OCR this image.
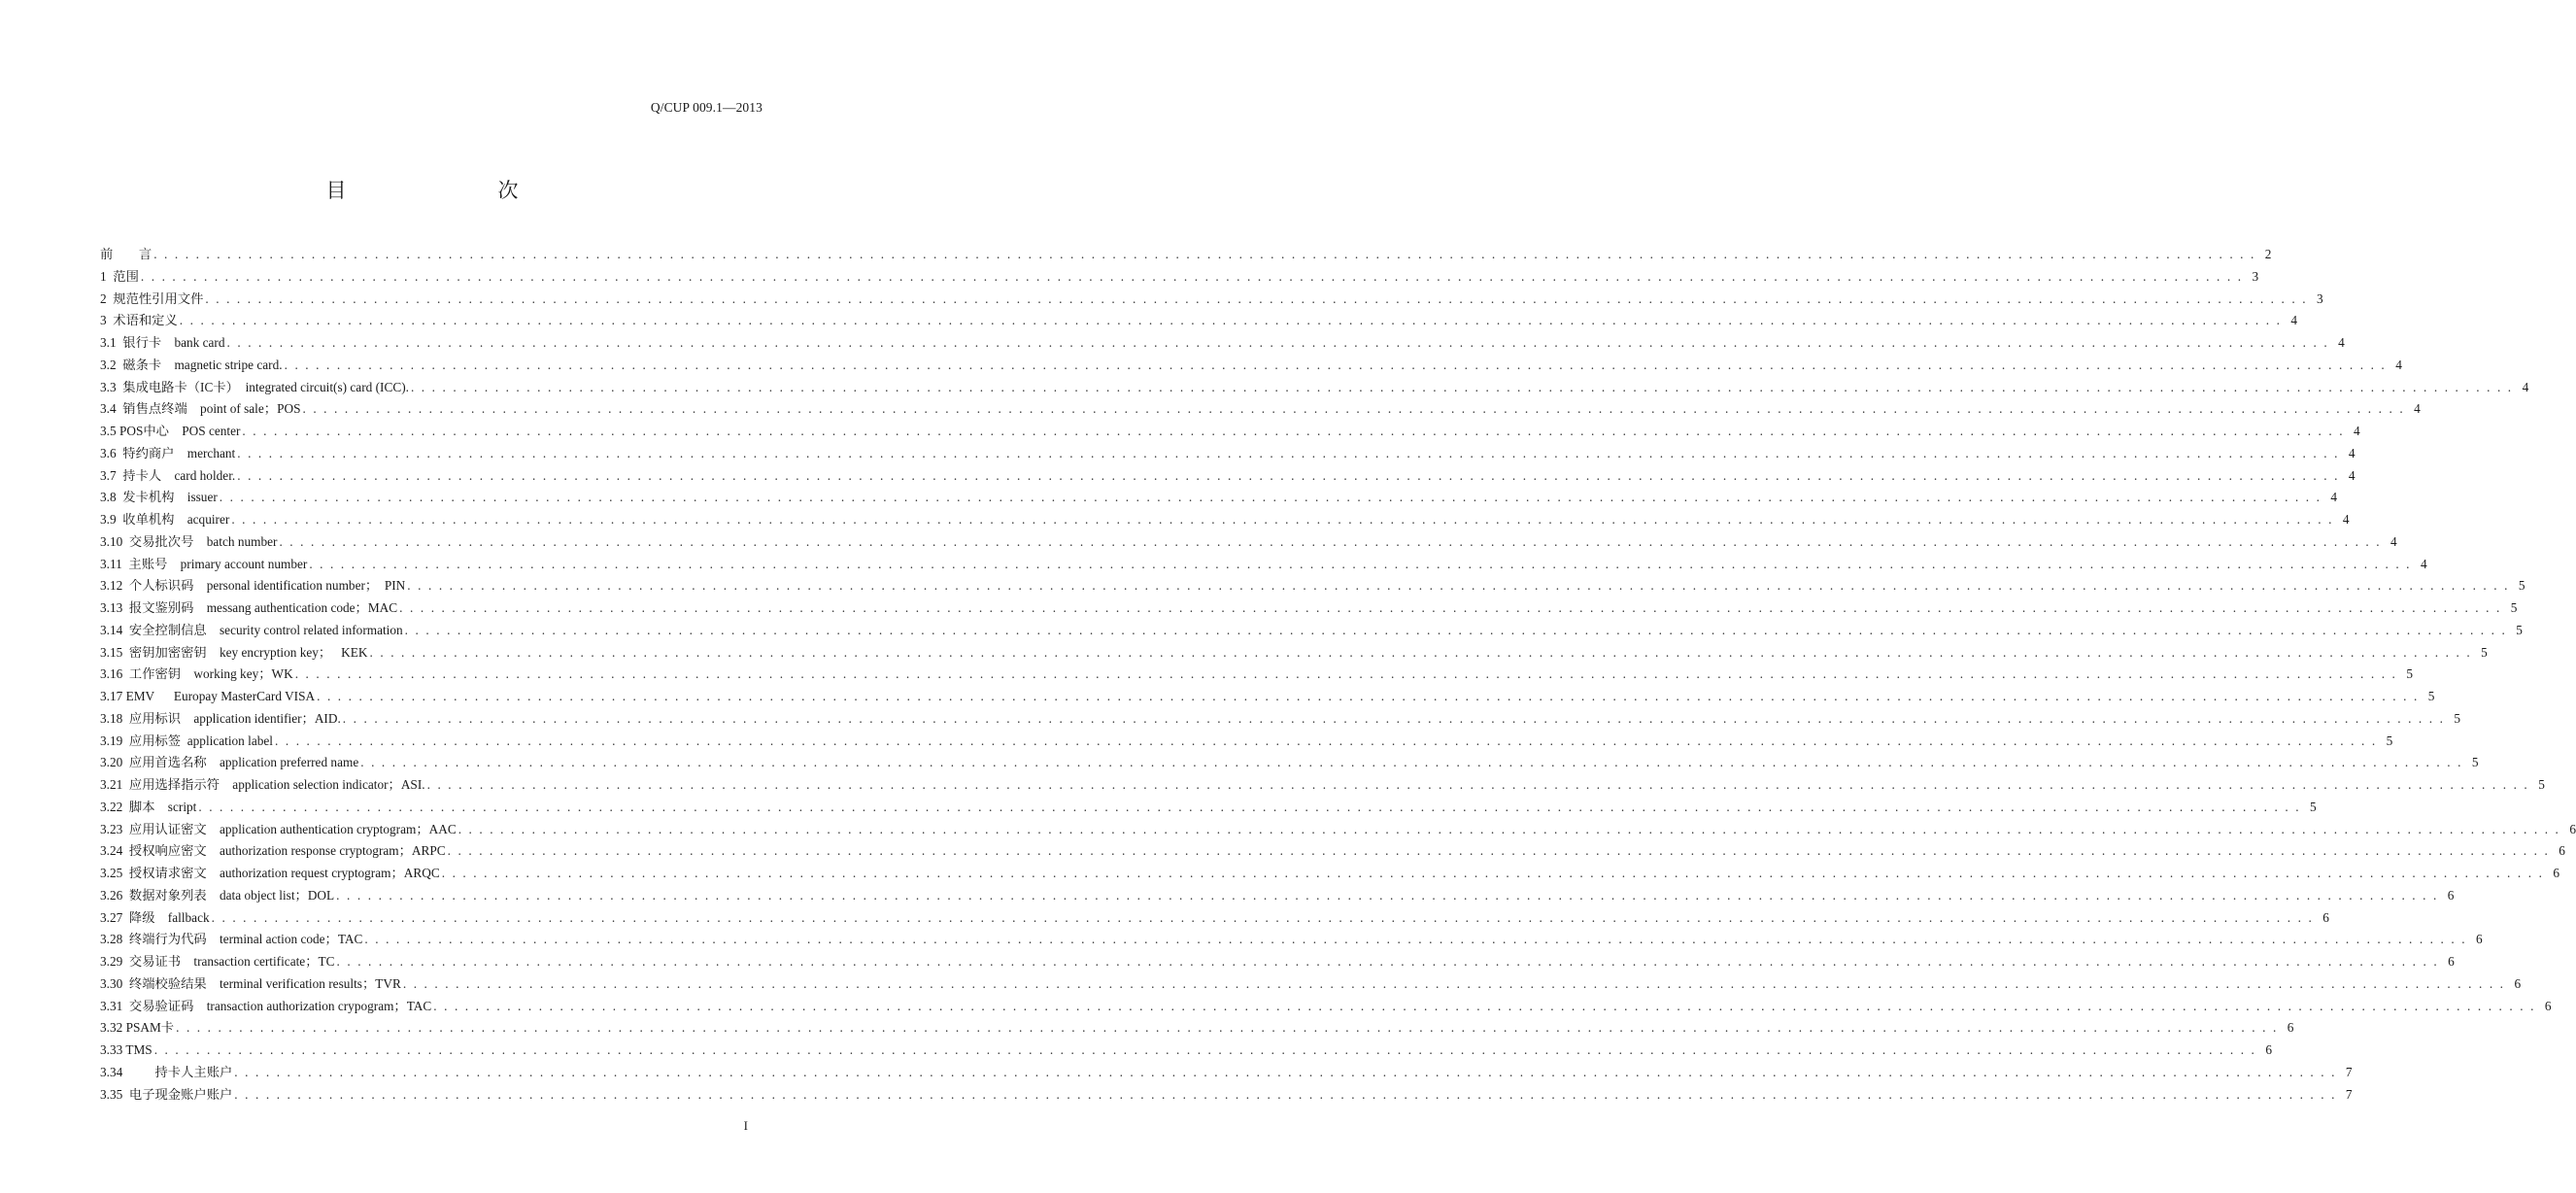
Q/CUP 009.1—2013
目　　次
前　　言 . . . . . . . . . . . . . . . . . . . . . . . . . . . . . . . . . . . . . . . . . . . . . . . . . . . . . . . . . . . . . . . . . . . . . . . . . . . . . . . . . . . . . . . . . . . . . . . . . . . . . . . . . . . . . . . . . . . . . . . . . . . . . . . . . . . . . . . . . . . . . . . . . . . . . . . . . . . . . . . . . . . . . . . . . . . . . . . . . . . . . . . . . . . . . . . . . . . . . . . . 2
1  范围 . . . . . . . . . . . . . . . . . . . . . . . . . . . . . . . . . . . . . . . . . . . . . . . . . . . . . . . . . . . . . . . . . . . . . . . . . . . . . . . . . . . . . . . . . . . . . . . . . . . . . . . . . . . . . . . . . . . . . . . . . . . . . . . . . . . . . . . . . . . . . . . . . . . . . . . . . . . . . . . . . . . . . . . . . . . . . . . . . . . . . . . . . . . . . . . . . . . . . . . . 3
2  规范性引用文件 . . . . . . . . . . . . . . . . . . . . . . . . . . . . . . . . . . . . . . . . . . . . . . . . . . . . . . . . . . . . . . . . . . . . . . . . . . . . . . . . . . . . . . . . . . . . . . . . . . . . . . . . . . . . . . . . . . . . . . . . . . . . . . . . . . . . . . . . . . . . . . . . . . . . . . . . . . . . . . . . . . . . . . . . . . . . . . . . . . . . . . . . . . . . . . . . . . . . . . . . 3
3  术语和定义 . . . . . . . . . . . . . . . . . . . . . . . . . . . . . . . . . . . . . . . . . . . . . . . . . . . . . . . . . . . . . . . . . . . . . . . . . . . . . . . . . . . . . . . . . . . . . . . . . . . . . . . . . . . . . . . . . . . . . . . . . . . . . . . . . . . . . . . . . . . . . . . . . . . . . . . . . . . . . . . . . . . . . . . . . . . . . . . . . . . . . . . . . . . . . . . . . . . . . . . . 4
3.1  银行卡    bank card . . . . . . . . . . . . . . . . . . . . . . . . . . . . . . . . . . . . . . . . . . . . . . . . . . . . . . . . . . . . . . . . . . . . . . . . . . . . . . . . . . . . . . . . . . . . . . . . . . . . . . . . . . . . . . . . . . . . . . . . . . . . . . . . . . . . . . . . . . . . . . . . . . . . . . . . . . . . . . . . . . . . . . . . . . . . . . . . . . . . . . . . . . . . . . . . . . . . . . . . 4
3.2  磁条卡    magnetic stripe card. . . . . . . . . . . . . . . . . . . . . . . . . . . . . . . . . . . . . . . . . . . . . . . . . . . . . . . . . . . . . . . . . . . . . . . . . . . . . . . . . . . . . . . . . . . . . . . . . . . . . . . . . . . . . . . . . . . . . . . . . . . . . . . . . . . . . . . . . . . . . . . . . . . . . . . . . . . . . . . . . . . . . . . . . . . . . . . . . . . . . . . . . . . . . . . . . . . . . . . . . 4
3.3  集成电路卡（IC卡）  integrated circuit(s) card (ICC). . . . . . . . . . . . . . . . . . . . . . . . . . . . . . . . . . . . . . . . . . . . . . . . . . . . . . . . . . . . . . . . . . . . . . . . . . . . . . . . . . . . . . . . . . . . . . . . . . . . . . . . . . . . . . . . . . . . . . . . . . . . . . . . . . . . . . . . . . . . . . . . . . . . . . . . . . . . . . . . . . . . . . . . . . . . . . . . . . . . . . . . . . . . . . . . . . . . . . . . . 4
3.4  销售点终端    point of sale；POS . . . . . . . . . . . . . . . . . . . . . . . . . . . . . . . . . . . . . . . . . . . . . . . . . . . . . . . . . . . . . . . . . . . . . . . . . . . . . . . . . . . . . . . . . . . . . . . . . . . . . . . . . . . . . . . . . . . . . . . . . . . . . . . . . . . . . . . . . . . . . . . . . . . . . . . . . . . . . . . . . . . . . . . . . . . . . . . . . . . . . . . . . . . . . . . . . . . . . . . . 4
3.5 POS中心    POS center . . . . . . . . . . . . . . . . . . . . . . . . . . . . . . . . . . . . . . . . . . . . . . . . . . . . . . . . . . . . . . . . . . . . . . . . . . . . . . . . . . . . . . . . . . . . . . . . . . . . . . . . . . . . . . . . . . . . . . . . . . . . . . . . . . . . . . . . . . . . . . . . . . . . . . . . . . . . . . . . . . . . . . . . . . . . . . . . . . . . . . . . . . . . . . . . . . . . . . . . 4
3.6  特约商户    merchant . . . . . . . . . . . . . . . . . . . . . . . . . . . . . . . . . . . . . . . . . . . . . . . . . . . . . . . . . . . . . . . . . . . . . . . . . . . . . . . . . . . . . . . . . . . . . . . . . . . . . . . . . . . . . . . . . . . . . . . . . . . . . . . . . . . . . . . . . . . . . . . . . . . . . . . . . . . . . . . . . . . . . . . . . . . . . . . . . . . . . . . . . . . . . . . . . . . . . . . . 4
3.7  持卡人    card holder. . . . . . . . . . . . . . . . . . . . . . . . . . . . . . . . . . . . . . . . . . . . . . . . . . . . . . . . . . . . . . . . . . . . . . . . . . . . . . . . . . . . . . . . . . . . . . . . . . . . . . . . . . . . . . . . . . . . . . . . . . . . . . . . . . . . . . . . . . . . . . . . . . . . . . . . . . . . . . . . . . . . . . . . . . . . . . . . . . . . . . . . . . . . . . . . . . . . . . . . . 4
3.8  发卡机构    issuer . . . . . . . . . . . . . . . . . . . . . . . . . . . . . . . . . . . . . . . . . . . . . . . . . . . . . . . . . . . . . . . . . . . . . . . . . . . . . . . . . . . . . . . . . . . . . . . . . . . . . . . . . . . . . . . . . . . . . . . . . . . . . . . . . . . . . . . . . . . . . . . . . . . . . . . . . . . . . . . . . . . . . . . . . . . . . . . . . . . . . . . . . . . . . . . . . . . . . . . . 4
3.9  收单机构    acquirer . . . . . . . . . . . . . . . . . . . . . . . . . . . . . . . . . . . . . . . . . . . . . . . . . . . . . . . . . . . . . . . . . . . . . . . . . . . . . . . . . . . . . . . . . . . . . . . . . . . . . . . . . . . . . . . . . . . . . . . . . . . . . . . . . . . . . . . . . . . . . . . . . . . . . . . . . . . . . . . . . . . . . . . . . . . . . . . . . . . . . . . . . . . . . . . . . . . . . . . . 4
3.10  交易批次号    batch number . . . . . . . . . . . . . . . . . . . . . . . . . . . . . . . . . . . . . . . . . . . . . . . . . . . . . . . . . . . . . . . . . . . . . . . . . . . . . . . . . . . . . . . . . . . . . . . . . . . . . . . . . . . . . . . . . . . . . . . . . . . . . . . . . . . . . . . . . . . . . . . . . . . . . . . . . . . . . . . . . . . . . . . . . . . . . . . . . . . . . . . . . . . . . . . . . . . . . . . . 4
3.11  主账号    primary account number . . . . . . . . . . . . . . . . . . . . . . . . . . . . . . . . . . . . . . . . . . . . . . . . . . . . . . . . . . . . . . . . . . . . . . . . . . . . . . . . . . . . . . . . . . . . . . . . . . . . . . . . . . . . . . . . . . . . . . . . . . . . . . . . . . . . . . . . . . . . . . . . . . . . . . . . . . . . . . . . . . . . . . . . . . . . . . . . . . . . . . . . . . . . . . . . . . . . . . . . 4
3.12  个人标识码    personal identification number；  PIN . . . . . . . . . . . . . . . . . . . . . . . . . . . . . . . . . . . . . . . . . . . . . . . . . . . . . . . . . . . . . . . . . . . . . . . . . . . . . . . . . . . . . . . . . . . . . . . . . . . . . . . . . . . . . . . . . . . . . . . . . . . . . . . . . . . . . . . . . . . . . . . . . . . . . . . . . . . . . . . . . . . . . . . . . . . . . . . . . . . . . . . . . . . . . . . . . . . . . . . . 5
3.13  报文鉴别码    messang authentication code；MAC . . . . . . . . . . . . . . . . . . . . . . . . . . . . . . . . . . . . . . . . . . . . . . . . . . . . . . . . . . . . . . . . . . . . . . . . . . . . . . . . . . . . . . . . . . . . . . . . . . . . . . . . . . . . . . . . . . . . . . . . . . . . . . . . . . . . . . . . . . . . . . . . . . . . . . . . . . . . . . . . . . . . . . . . . . . . . . . . . . . . . . . . . . . . . . . . . . . . . . . . 5
3.14  安全控制信息    security control related information . . . . . . . . . . . . . . . . . . . . . . . . . . . . . . . . . . . . . . . . . . . . . . . . . . . . . . . . . . . . . . . . . . . . . . . . . . . . . . . . . . . . . . . . . . . . . . . . . . . . . . . . . . . . . . . . . . . . . . . . . . . . . . . . . . . . . . . . . . . . . . . . . . . . . . . . . . . . . . . . . . . . . . . . . . . . . . . . . . . . . . . . . . . . . . . . . . . . . . . . 5
3.15  密钥加密密钥    key encryption key；   KEK . . . . . . . . . . . . . . . . . . . . . . . . . . . . . . . . . . . . . . . . . . . . . . . . . . . . . . . . . . . . . . . . . . . . . . . . . . . . . . . . . . . . . . . . . . . . . . . . . . . . . . . . . . . . . . . . . . . . . . . . . . . . . . . . . . . . . . . . . . . . . . . . . . . . . . . . . . . . . . . . . . . . . . . . . . . . . . . . . . . . . . . . . . . . . . . . . . . . . . . . 5
3.16  工作密钥    working key；WK . . . . . . . . . . . . . . . . . . . . . . . . . . . . . . . . . . . . . . . . . . . . . . . . . . . . . . . . . . . . . . . . . . . . . . . . . . . . . . . . . . . . . . . . . . . . . . . . . . . . . . . . . . . . . . . . . . . . . . . . . . . . . . . . . . . . . . . . . . . . . . . . . . . . . . . . . . . . . . . . . . . . . . . . . . . . . . . . . . . . . . . . . . . . . . . . . . . . . . . . 5
3.17 EMV      Europay MasterCard VISA . . . . . . . . . . . . . . . . . . . . . . . . . . . . . . . . . . . . . . . . . . . . . . . . . . . . . . . . . . . . . . . . . . . . . . . . . . . . . . . . . . . . . . . . . . . . . . . . . . . . . . . . . . . . . . . . . . . . . . . . . . . . . . . . . . . . . . . . . . . . . . . . . . . . . . . . . . . . . . . . . . . . . . . . . . . . . . . . . . . . . . . . . . . . . . . . . . . . . . . . 5
3.18  应用标识    application identifier；AID. . . . . . . . . . . . . . . . . . . . . . . . . . . . . . . . . . . . . . . . . . . . . . . . . . . . . . . . . . . . . . . . . . . . . . . . . . . . . . . . . . . . . . . . . . . . . . . . . . . . . . . . . . . . . . . . . . . . . . . . . . . . . . . . . . . . . . . . . . . . . . . . . . . . . . . . . . . . . . . . . . . . . . . . . . . . . . . . . . . . . . . . . . . . . . . . . . . . . . . . . 5
3.19  应用标签  application label . . . . . . . . . . . . . . . . . . . . . . . . . . . . . . . . . . . . . . . . . . . . . . . . . . . . . . . . . . . . . . . . . . . . . . . . . . . . . . . . . . . . . . . . . . . . . . . . . . . . . . . . . . . . . . . . . . . . . . . . . . . . . . . . . . . . . . . . . . . . . . . . . . . . . . . . . . . . . . . . . . . . . . . . . . . . . . . . . . . . . . . . . . . . . . . . . . . . . . . . 5
3.20  应用首选名称    application preferred name . . . . . . . . . . . . . . . . . . . . . . . . . . . . . . . . . . . . . . . . . . . . . . . . . . . . . . . . . . . . . . . . . . . . . . . . . . . . . . . . . . . . . . . . . . . . . . . . . . . . . . . . . . . . . . . . . . . . . . . . . . . . . . . . . . . . . . . . . . . . . . . . . . . . . . . . . . . . . . . . . . . . . . . . . . . . . . . . . . . . . . . . . . . . . . . . . . . . . . . . 5
3.21  应用选择指示符    application selection indicator；ASI. . . . . . . . . . . . . . . . . . . . . . . . . . . . . . . . . . . . . . . . . . . . . . . . . . . . . . . . . . . . . . . . . . . . . . . . . . . . . . . . . . . . . . . . . . . . . . . . . . . . . . . . . . . . . . . . . . . . . . . . . . . . . . . . . . . . . . . . . . . . . . . . . . . . . . . . . . . . . . . . . . . . . . . . . . . . . . . . . . . . . . . . . . . . . . . . . . . . . . . . . 5
3.22  脚本    script . . . . . . . . . . . . . . . . . . . . . . . . . . . . . . . . . . . . . . . . . . . . . . . . . . . . . . . . . . . . . . . . . . . . . . . . . . . . . . . . . . . . . . . . . . . . . . . . . . . . . . . . . . . . . . . . . . . . . . . . . . . . . . . . . . . . . . . . . . . . . . . . . . . . . . . . . . . . . . . . . . . . . . . . . . . . . . . . . . . . . . . . . . . . . . . . . . . . . . . . 5
3.23  应用认证密文    application authentication cryptogram；AAC . . . . . . . . . . . . . . . . . . . . . . . . . . . . . . . . . . . . . . . . . . . . . . . . . . . . . . . . . . . . . . . . . . . . . . . . . . . . . . . . . . . . . . . . . . . . . . . . . . . . . . . . . . . . . . . . . . . . . . . . . . . . . . . . . . . . . . . . . . . . . . . . . . . . . . . . . . . . . . . . . . . . . . . . . . . . . . . . . . . . . . . . . . . . . . . . . . . . . . . . 6
3.24  授权响应密文    authorization response cryptogram；ARPC . . . . . . . . . . . . . . . . . . . . . . . . . . . . . . . . . . . . . . . . . . . . . . . . . . . . . . . . . . . . . . . . . . . . . . . . . . . . . . . . . . . . . . . . . . . . . . . . . . . . . . . . . . . . . . . . . . . . . . . . . . . . . . . . . . . . . . . . . . . . . . . . . . . . . . . . . . . . . . . . . . . . . . . . . . . . . . . . . . . . . . . . . . . . . . . . . . . . . . . . 6
3.25  授权请求密文    authorization request cryptogram；ARQC . . . . . . . . . . . . . . . . . . . . . . . . . . . . . . . . . . . . . . . . . . . . . . . . . . . . . . . . . . . . . . . . . . . . . . . . . . . . . . . . . . . . . . . . . . . . . . . . . . . . . . . . . . . . . . . . . . . . . . . . . . . . . . . . . . . . . . . . . . . . . . . . . . . . . . . . . . . . . . . . . . . . . . . . . . . . . . . . . . . . . . . . . . . . . . . . . . . . . . . . 6
3.26  数据对象列表    data object list；DOL . . . . . . . . . . . . . . . . . . . . . . . . . . . . . . . . . . . . . . . . . . . . . . . . . . . . . . . . . . . . . . . . . . . . . . . . . . . . . . . . . . . . . . . . . . . . . . . . . . . . . . . . . . . . . . . . . . . . . . . . . . . . . . . . . . . . . . . . . . . . . . . . . . . . . . . . . . . . . . . . . . . . . . . . . . . . . . . . . . . . . . . . . . . . . . . . . . . . . . . . 6
3.27  降级    fallback . . . . . . . . . . . . . . . . . . . . . . . . . . . . . . . . . . . . . . . . . . . . . . . . . . . . . . . . . . . . . . . . . . . . . . . . . . . . . . . . . . . . . . . . . . . . . . . . . . . . . . . . . . . . . . . . . . . . . . . . . . . . . . . . . . . . . . . . . . . . . . . . . . . . . . . . . . . . . . . . . . . . . . . . . . . . . . . . . . . . . . . . . . . . . . . . . . . . . . . . 6
3.28  终端行为代码    terminal action code；TAC . . . . . . . . . . . . . . . . . . . . . . . . . . . . . . . . . . . . . . . . . . . . . . . . . . . . . . . . . . . . . . . . . . . . . . . . . . . . . . . . . . . . . . . . . . . . . . . . . . . . . . . . . . . . . . . . . . . . . . . . . . . . . . . . . . . . . . . . . . . . . . . . . . . . . . . . . . . . . . . . . . . . . . . . . . . . . . . . . . . . . . . . . . . . . . . . . . . . . . . . 6
3.29  交易证书    transaction certificate；TC . . . . . . . . . . . . . . . . . . . . . . . . . . . . . . . . . . . . . . . . . . . . . . . . . . . . . . . . . . . . . . . . . . . . . . . . . . . . . . . . . . . . . . . . . . . . . . . . . . . . . . . . . . . . . . . . . . . . . . . . . . . . . . . . . . . . . . . . . . . . . . . . . . . . . . . . . . . . . . . . . . . . . . . . . . . . . . . . . . . . . . . . . . . . . . . . . . . . . . . . 6
3.30  终端校验结果    terminal verification results；TVR . . . . . . . . . . . . . . . . . . . . . . . . . . . . . . . . . . . . . . . . . . . . . . . . . . . . . . . . . . . . . . . . . . . . . . . . . . . . . . . . . . . . . . . . . . . . . . . . . . . . . . . . . . . . . . . . . . . . . . . . . . . . . . . . . . . . . . . . . . . . . . . . . . . . . . . . . . . . . . . . . . . . . . . . . . . . . . . . . . . . . . . . . . . . . . . . . . . . . . . . 6
3.31  交易验证码    transaction authorization crypogram；TAC . . . . . . . . . . . . . . . . . . . . . . . . . . . . . . . . . . . . . . . . . . . . . . . . . . . . . . . . . . . . . . . . . . . . . . . . . . . . . . . . . . . . . . . . . . . . . . . . . . . . . . . . . . . . . . . . . . . . . . . . . . . . . . . . . . . . . . . . . . . . . . . . . . . . . . . . . . . . . . . . . . . . . . . . . . . . . . . . . . . . . . . . . . . . . . . . . . . . . . . . 6
3.32 PSAM卡 . . . . . . . . . . . . . . . . . . . . . . . . . . . . . . . . . . . . . . . . . . . . . . . . . . . . . . . . . . . . . . . . . . . . . . . . . . . . . . . . . . . . . . . . . . . . . . . . . . . . . . . . . . . . . . . . . . . . . . . . . . . . . . . . . . . . . . . . . . . . . . . . . . . . . . . . . . . . . . . . . . . . . . . . . . . . . . . . . . . . . . . . . . . . . . . . . . . . . . . . 6
3.33 TMS . . . . . . . . . . . . . . . . . . . . . . . . . . . . . . . . . . . . . . . . . . . . . . . . . . . . . . . . . . . . . . . . . . . . . . . . . . . . . . . . . . . . . . . . . . . . . . . . . . . . . . . . . . . . . . . . . . . . . . . . . . . . . . . . . . . . . . . . . . . . . . . . . . . . . . . . . . . . . . . . . . . . . . . . . . . . . . . . . . . . . . . . . . . . . . . . . . . . . . . . 6
3.34          持卡人主账户 . . . . . . . . . . . . . . . . . . . . . . . . . . . . . . . . . . . . . . . . . . . . . . . . . . . . . . . . . . . . . . . . . . . . . . . . . . . . . . . . . . . . . . . . . . . . . . . . . . . . . . . . . . . . . . . . . . . . . . . . . . . . . . . . . . . . . . . . . . . . . . . . . . . . . . . . . . . . . . . . . . . . . . . . . . . . . . . . . . . . . . . . . . . . . . . . . . . . . . . . 7
3.35  电子现金账户账户 . . . . . . . . . . . . . . . . . . . . . . . . . . . . . . . . . . . . . . . . . . . . . . . . . . . . . . . . . . . . . . . . . . . . . . . . . . . . . . . . . . . . . . . . . . . . . . . . . . . . . . . . . . . . . . . . . . . . . . . . . . . . . . . . . . . . . . . . . . . . . . . . . . . . . . . . . . . . . . . . . . . . . . . . . . . . . . . . . . . . . . . . . . . . . . . . . . . . . . . . 7
I
